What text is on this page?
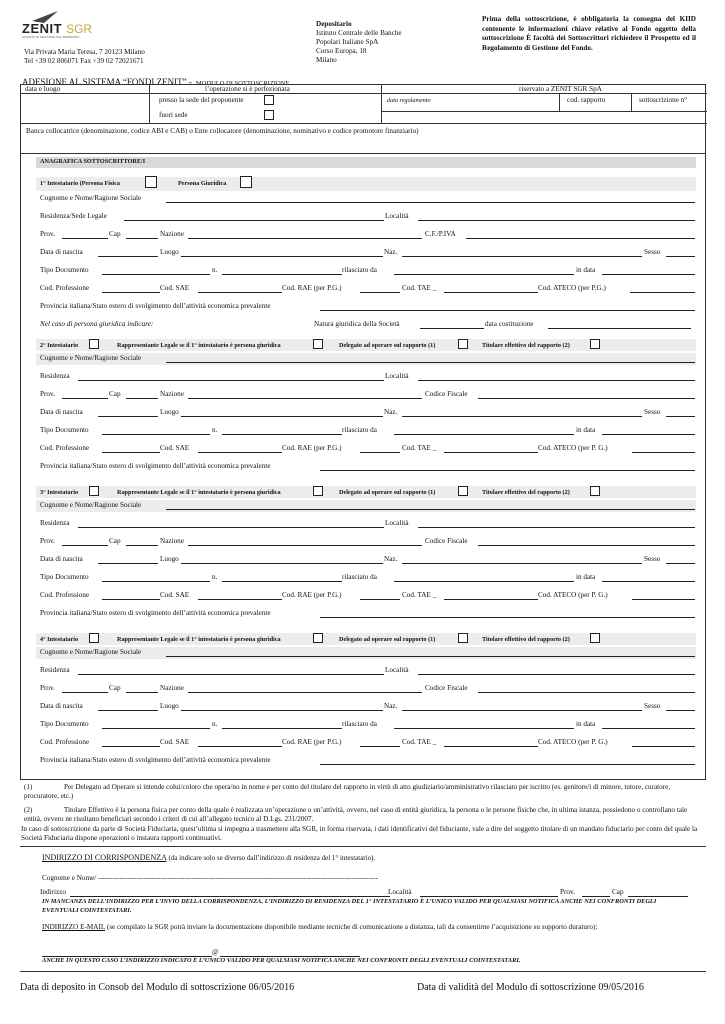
ZENIT SGR
SOCIETÀ DI GESTIONE DEL RISPARMIO
Via Privata Maria Teresa, 7 20123 Milano
Tel +39 02 806071 Fax +39 02 72021671
Depositario
Istituto Centrale delle Banche
Popolari Italiane SpA
Corso Europa, 18
Milano
Prima della sottoscrizione, è obbligatoria la consegna del KIID contenente le informazioni chiave relative al Fondo oggetto della sottoscrizione È facoltà dei Sottoscrittori richiedere il Prospetto ed il Regolamento di Gestione del Fondo.
ADESIONE AL SISTEMA “FONDI ZENIT” - MODULO DI SOTTOSCRIZIONE
data e luogo	l’operazione si è perfezionata
presso la sede del proponente
fuori sede
riservato a ZENIT SGR SpA
data regolamento	cod. rapporto	sottoscrizione n°
Banca collocatrice (denominazione, codice ABI e CAB) o Ente collocatore (denominazione, nominativo e codice promotore finanziario)
ANAGRAFICA SOTTOSCRITTORE/I
1° Intestatario (Persona Fisica	Persona Giuridica
Cognome e Nome/Ragione Sociale
Residenza/Sede Legale	Località
Prov.	Cap	Nazione	C.F./P.IVA
Data di nascita	Luogo	Naz.	Sesso
Tipo Documento	n.	rilasciato da	in data
Cod. Professione	Cod. SAE	Cod. RAE (per P.G.)	Cod. TAE _	Cod. ATECO (per P.G.)
Provincia italiana/Stato estero di svolgimento dell’attività economica prevalente
Nel caso di persona giuridica indicare:	Natura giuridica della Società	data costituzione
2° Intestatario	Rappresentante Legale se il 1° intestatario è persona giuridica	Delegato ad operare sul rapporto (1)	Titolare effettivo del rapporto (2)
Cognome e Nome/Ragione Sociale
Residenza	Località
Prov.	Cap	Nazione	Codice Fiscale
Data di nascita	Luogo	Naz.	Sesso
Tipo Documento	n.	rilasciato da	in data
Cod. Professione	Cod. SAE	Cod. RAE (per P.G.)	Cod. TAE _	Cod. ATECO (per P. G.)
Provincia italiana/Stato estero di svolgimento dell’attività economica prevalente
3° Intestatario	Rappresentante Legale se il 1° intestatario è persona giuridica	Delegato ad operare sul rapporto (1)	Titolare effettivo del rapporto (2)
Cognome e Nome/Ragione Sociale
Residenza	Località
Prov.	Cap	Nazione	Codice Fiscale
Data di nascita	Luogo	Naz.	Sesso
Tipo Documento	n.	rilasciato da	in data
Cod. Professione	Cod. SAE	Cod. RAE (per P.G.)	Cod. TAE _	Cod. ATECO (per P. G.)
Provincia italiana/Stato estero di svolgimento dell’attività economica prevalente
4° Intestatario	Rappresentante Legale se il 1° intestatario è persona giuridica	Delegato ad operare sul rapporto (1)	Titolare effettivo del rapporto (2)
Cognome e Nome/Ragione Sociale
Residenza	Località
Prov.	Cap	Nazione	Codice Fiscale
Data di nascita	Luogo	Naz.	Sesso
Tipo Documento	n.	rilasciato da	in data
Cod. Professione	Cod. SAE	Cod. RAE (per P.G.)	Cod. TAE _	Cod. ATECO (per P. G.)
Provincia italiana/Stato estero di svolgimento dell’attività economica prevalente
(1)	Per Delegato ad Operare si intende colui/coloro che opera/no in nome e per conto del titolare del rapporto in virtù di atto giudiziario/amministrativo rilasciato per iscritto (es. genitore/i di minore, tutore, curatore, procuratore, etc.)
(2)	Titolare Effettivo è la persona fisica per conto della quale è realizzata un’operazione o un’attività, ovvero, nel caso di entità giuridica, la persona o le persone fisiche che, in ultima istanza, possiedono o controllano tale entità, ovvero ne risultano beneficiari secondo i criteri di cui all’allegato tecnico al D.Lgs. 231/2007.
In caso di sottoscrizione da parte di Società Fiduciaria, quest’ultima si impegna a trasmettere alla SGR, in forma riservata, i dati identificativi del fiduciante, vale a dire del soggetto titolare di un mandato fiduciario per conto del quale la Società Fiduciaria dispone operazioni o instaura rapporti continuativi.
INDIRIZZO DI CORRISPONDENZA (da indicare solo se diverso dall’indirizzo di residenza del 1° intestatario).
Cognome e Nome/ ---------------------------------------------------------------------------------------------------------------------
Indirizzo	Località	Prov.	Cap
IN MANCANZA DELL’INDIRIZZO PER L’INVIO DELLA CORRISPONDENZA, L’INDIRIZZO DI RESIDENZA DEL 1° INTESTATARIO È L’UNICO VALIDO PER QUALSIASI NOTIFICA ANCHE NEI CONFRONTI DEGLI EVENTUALI COINTESTATARI.
INDIRIZZO E-MAIL (se compilato la SGR potrà inviare la documentazione disponibile mediante tecniche di comunicazione a distanza, tali da consentirne l’acquisizione su supporto duraturo):
@
ANCHE IN QUESTO CASO L’INDIRIZZO INDICATO È L’UNICO VALIDO PER QUALSIASI NOTIFICA ANCHE NEI CONFRONTI DEGLI EVENTUALI COINTESTATARI.
Data di deposito in Consob del Modulo di sottoscrizione 06/05/2016	Data di validità del Modulo di sottoscrizione 09/05/2016
